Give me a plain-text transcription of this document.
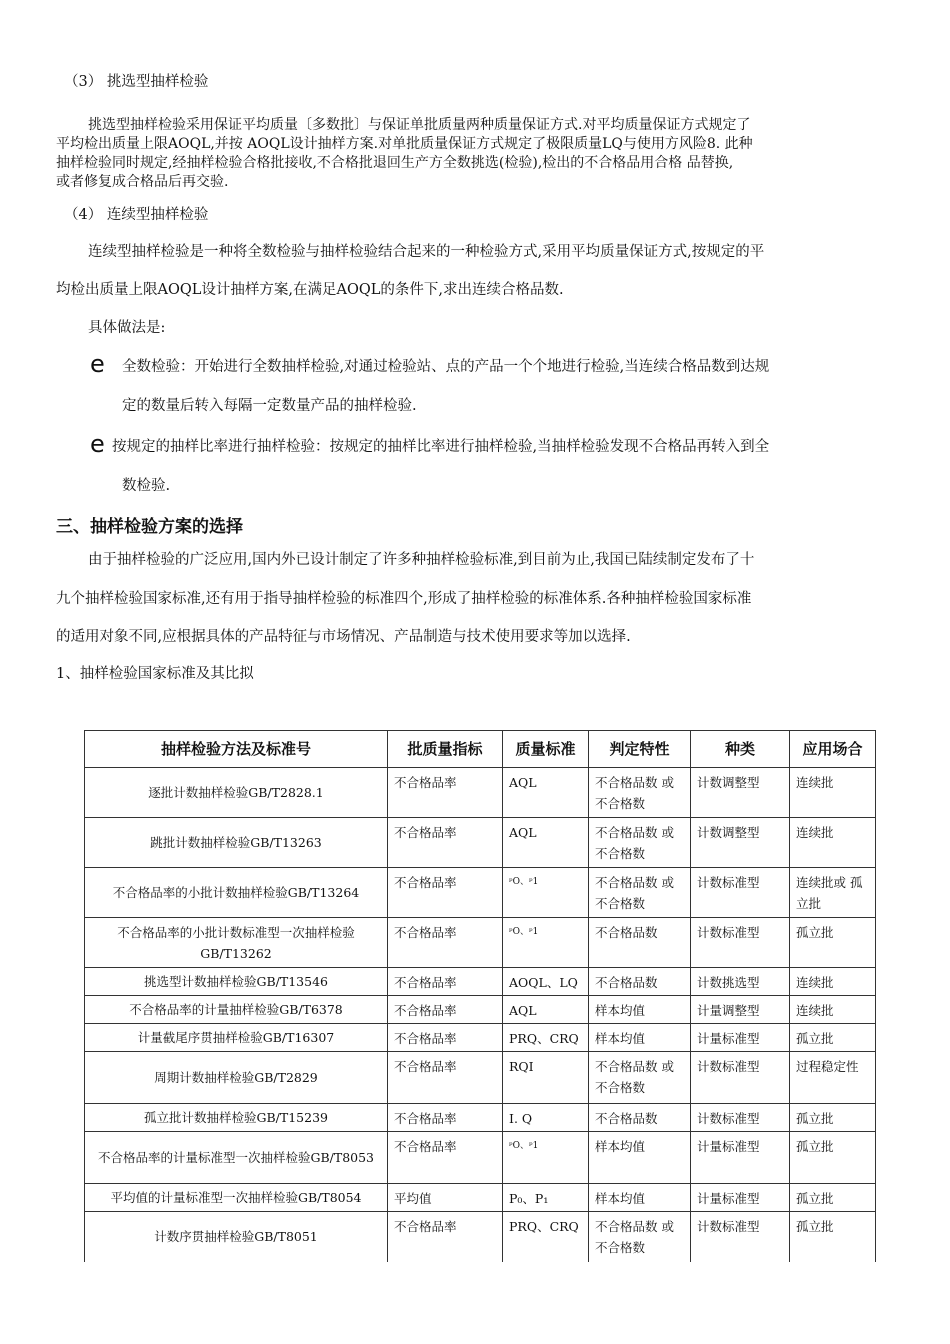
（3） 挑选型抽样检验
挑选型抽样检验采用保证平均质量〔多数批〕与保证单批质量两种质量保证方式.对平均质量保证方式规定了
平均检出质量上限AOQL,并按 AOQL设计抽样方案.对单批质量保证方式规定了极限质量LQ与使用方风险8. 此种
抽样检验同时规定,经抽样检验合格批接收,不合格批退回生产方全数挑选(检验),检出的不合格品用合格 品替换,
或者修复成合格品后再交验.
（4） 连续型抽样检验
连续型抽样检验是一种将全数检验与抽样检验结合起来的一种检验方式,采用平均质量保证方式,按规定的平
均检出质量上限AOQL设计抽样方案,在满足AOQL的条件下,求出连续合格品数.
具体做法是:
e 全数检验：开始进行全数抽样检验,对通过检验站、点的产品一个个地进行检验,当连续合格品数到达规
定的数量后转入每隔一定数量产品的抽样检验.
e 按规定的抽样比率进行抽样检验：按规定的抽样比率进行抽样检验,当抽样检验发现不合格品再转入到全
数检验.
三、抽样检验方案的选择
由于抽样检验的广泛应用,国内外已设计制定了许多种抽样检验标准,到目前为止,我国已陆续制定发布了十
九个抽样检验国家标准,还有用于指导抽样检验的标准四个,形成了抽样检验的标准体系.各种抽样检验国家标准
的适用对象不同,应根据具体的产品特征与市场情况、产品制造与技术使用要求等加以选择.
1、抽样检验国家标准及其比拟
抽样检验方法及标准号	批质量指标	质量标准	判定特性	种类	应用场合
逐批计数抽样检验GB/T2828.1	不合格品率	AQL	不合格品数 或不合格数	计数调整型	连续批
跳批计数抽样检验GB/T13263	不合格品率	AQL	不合格品数 或不合格数	计数调整型	连续批
不合格品率的小批计数抽样检验GB/T13264	不合格品率	ᵖO、ᵖ1	不合格品数 或不合格数	计数标准型	连续批或 孤立批
不合格品率的小批计数标准型一次抽样检验GB/T13262	不合格品率	ᵖO、ᵖ1	不合格品数	计数标准型	孤立批
挑选型计数抽样检验GB/T13546	不合格品率	AOQL、LQ	不合格品数	计数挑选型	连续批
不合格品率的计量抽样检验GB/T6378	不合格品率	AQL	样本均值	计量调整型	连续批
计量截尾序贯抽样检验GB/T16307	不合格品率	PRQ、CRQ	样本均值	计量标准型	孤立批
周期计数抽样检验GB/T2829	不合格品率	RQI	不合格品数 或不合格数	计数标准型	过程稳定性
孤立批计数抽样检验GB/T15239	不合格品率	I. Q	不合格品数	计数标准型	孤立批
不合格品率的计量标准型一次抽样检验GB/T8053	不合格品率	ᵖO、ᵖ1	样本均值	计量标准型	孤立批
平均值的计量标准型一次抽样检验GB/T8054	平均值	P₀、P₁	样本均值	计量标准型	孤立批
计数序贯抽样检验GB/T8051	不合格品率	PRQ、CRQ	不合格品数 或不合格数	计数标准型	孤立批
